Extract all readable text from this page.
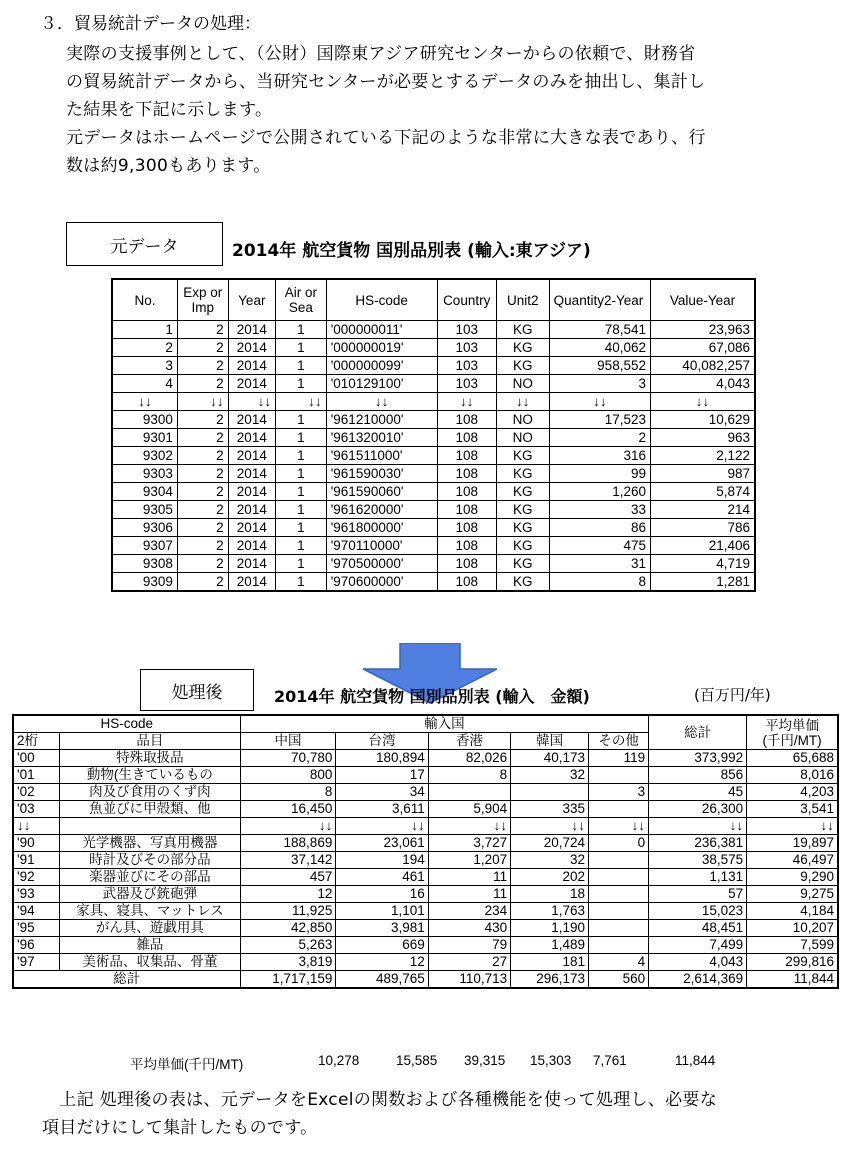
３．貿易統計データの処理：
実際の支援事例として、（公財）国際東アジア研究センターからの依頼で、財務省
の貿易統計データから、当研究センターが必要とするデータのみを抽出し、集計し
た結果を下記に示します。
元データはホームページで公開されている下記のような非常に大きな表であり、行
数は約9,300もあります。
元データ	2014年 航空貨物 国別品別表 (輸入:東アジア)
No.	Exp or Imp	Year	Air or Sea	HS-code	Country	Unit2	Quantity2-Year	Value-Year
1	2	2014	1	'000000011'	103	KG	78,541	23,963
2	2	2014	1	'000000019'	103	KG	40,062	67,086
3	2	2014	1	'000000099'	103	KG	958,552	40,082,257
4	2	2014	1	'010129100'	103	NO	3	4,043
↓↓	↓↓	↓↓	↓↓	↓↓	↓↓	↓↓	↓↓	↓↓
9300	2	2014	1	'961210000'	108	NO	17,523	10,629
9301	2	2014	1	'961320010'	108	NO	2	963
9302	2	2014	1	'961511000'	108	KG	316	2,122
9303	2	2014	1	'961590030'	108	KG	99	987
9304	2	2014	1	'961590060'	108	KG	1,260	5,874
9305	2	2014	1	'961620000'	108	KG	33	214
9306	2	2014	1	'961800000'	108	KG	86	786
9307	2	2014	1	'970110000'	108	KG	475	21,406
9308	2	2014	1	'970500000'	108	KG	31	4,719
9309	2	2014	1	'970600000'	108	KG	8	1,281
処理後	2014年 航空貨物 国別品別表 (輸入　金額)	(百万円/年)
HS-code		輸入国					総計	平均単価
(千円/MT)
2桁	品目	中国	台湾	香港	韓国	その他		
'00	特殊取扱品	70,780	180,894	82,026	40,173	119	373,992	65,688
'01	動物(生きているもの	800	17	8	32		856	8,016
'02	肉及び食用のくず肉	8	34			3	45	4,203
'03	魚並びに甲殻類、他	16,450	3,611	5,904	335		26,300	3,541
↓↓		↓↓	↓↓	↓↓	↓↓	↓↓	↓↓	↓↓
'90	光学機器、写真用機器	188,869	23,061	3,727	20,724	0	236,381	19,897
'91	時計及びその部分品	37,142	194	1,207	32		38,575	46,497
'92	楽器並びにその部品	457	461	11	202		1,131	9,290
'93	武器及び銃砲弾	12	16	11	18		57	9,275
'94	家具、寝具、マットレス	11,925	1,101	234	1,763		15,023	4,184
'95	がん具、遊戯用具	42,850	3,981	430	1,190		48,451	10,207
'96	雑品	5,263	669	79	1,489		7,499	7,599
'97	美術品、収集品、骨董	3,819	12	27	181	4	4,043	299,816
総計		1,717,159	489,765	110,713	296,173	560	2,614,369	11,844
平均単価(千円/MT)	10,278	15,585 39,315 15,303 7,761	11,844
　上記 処理後の表は、元データをExcelの関数および各種機能を使って処理し、必要な
項目だけにして集計したものです。
